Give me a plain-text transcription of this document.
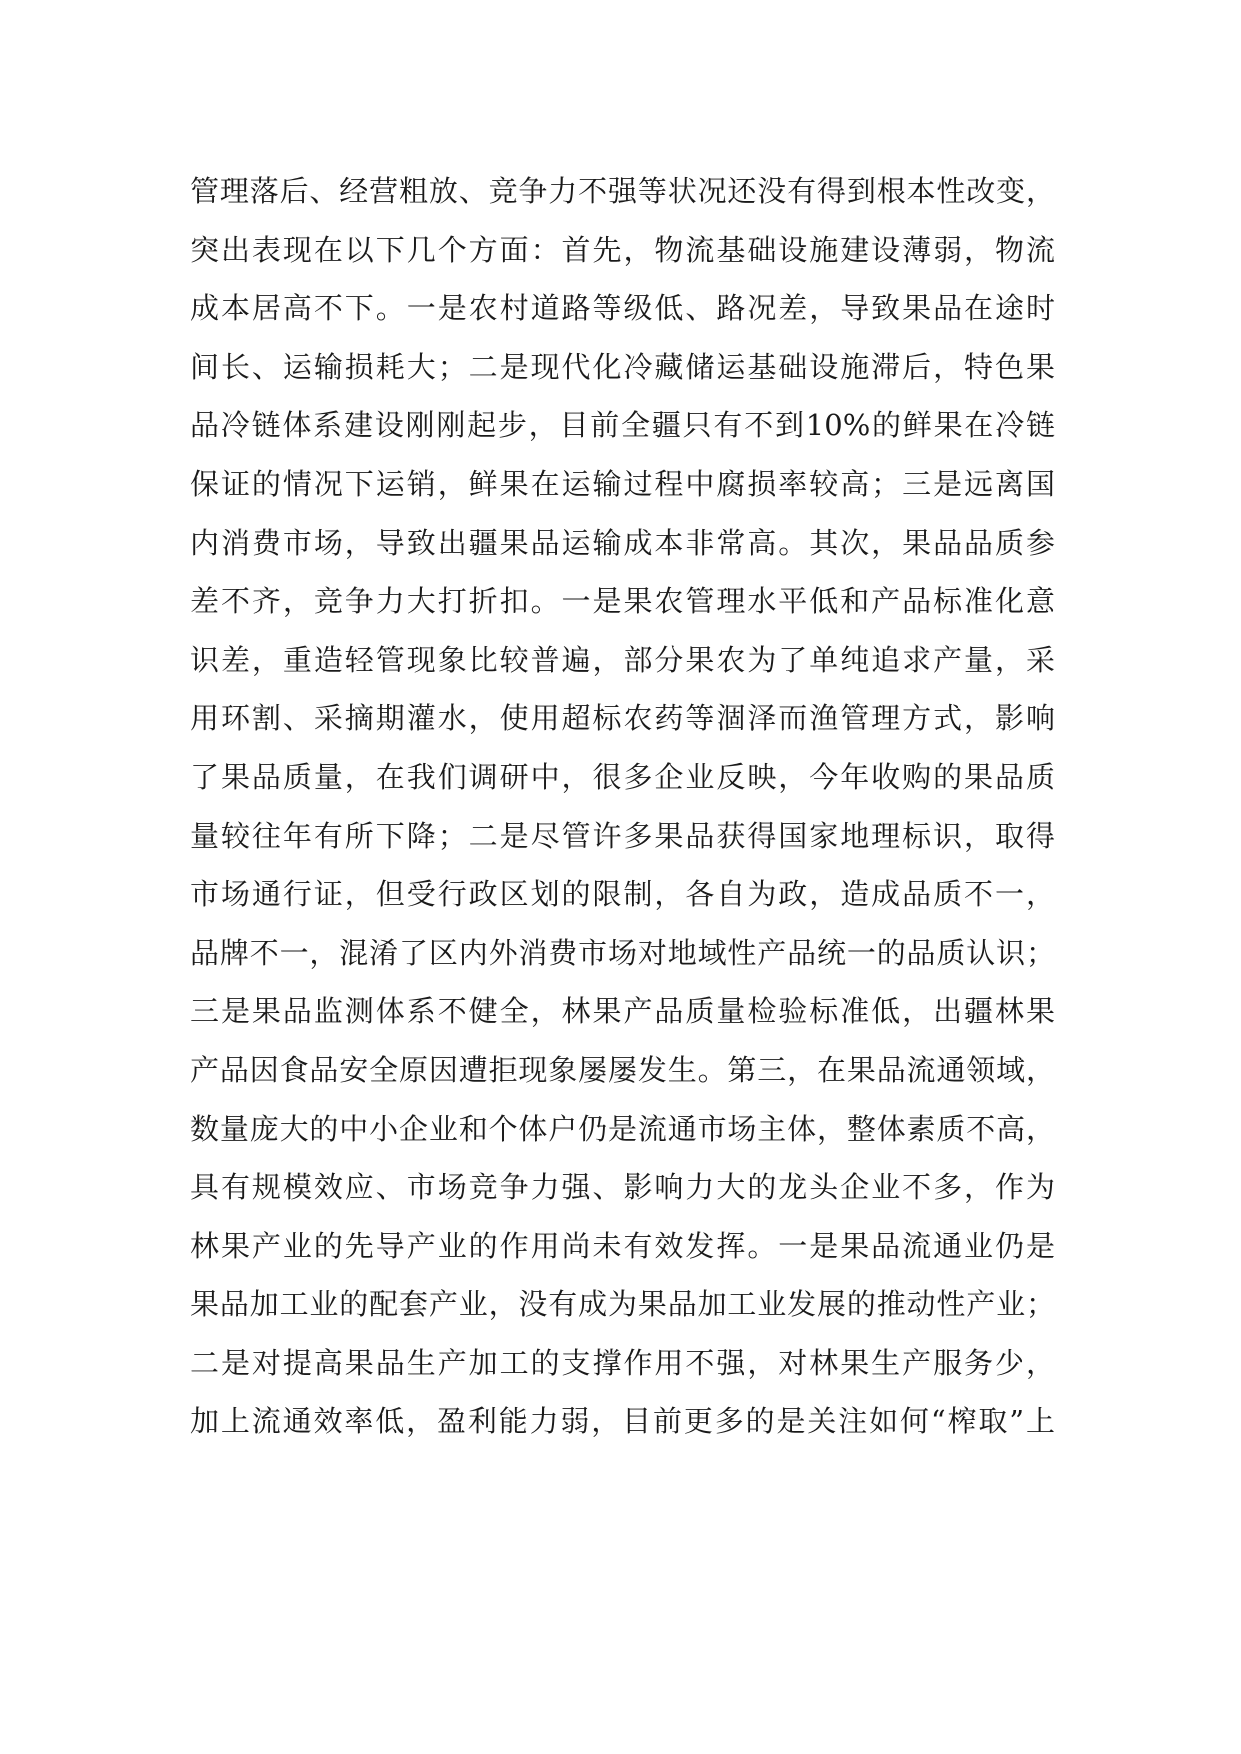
管理落后、经营粗放、竞争力不强等状况还没有得到根本性改变，
突出表现在以下几个方面：首先，物流基础设施建设薄弱，物流
成本居高不下。一是农村道路等级低、路况差，导致果品在途时
间长、运输损耗大；二是现代化冷藏储运基础设施滞后，特色果
品冷链体系建设刚刚起步，目前全疆只有不到10%的鲜果在冷链
保证的情况下运销，鲜果在运输过程中腐损率较高；三是远离国
内消费市场，导致出疆果品运输成本非常高。其次，果品品质参
差不齐，竞争力大打折扣。一是果农管理水平低和产品标准化意
识差，重造轻管现象比较普遍，部分果农为了单纯追求产量，采
用环割、采摘期灌水，使用超标农药等涸泽而渔管理方式，影响
了果品质量，在我们调研中，很多企业反映，今年收购的果品质
量较往年有所下降；二是尽管许多果品获得国家地理标识，取得
市场通行证，但受行政区划的限制，各自为政，造成品质不一，
品牌不一，混淆了区内外消费市场对地域性产品统一的品质认识；
三是果品监测体系不健全，林果产品质量检验标准低，出疆林果
产品因食品安全原因遭拒现象屡屡发生。第三，在果品流通领域，
数量庞大的中小企业和个体户仍是流通市场主体，整体素质不高，
具有规模效应、市场竞争力强、影响力大的龙头企业不多，作为
林果产业的先导产业的作用尚未有效发挥。一是果品流通业仍是
果品加工业的配套产业，没有成为果品加工业发展的推动性产业；
二是对提高果品生产加工的支撑作用不强，对林果生产服务少，
加上流通效率低，盈利能力弱，目前更多的是关注如何“榨取”上
